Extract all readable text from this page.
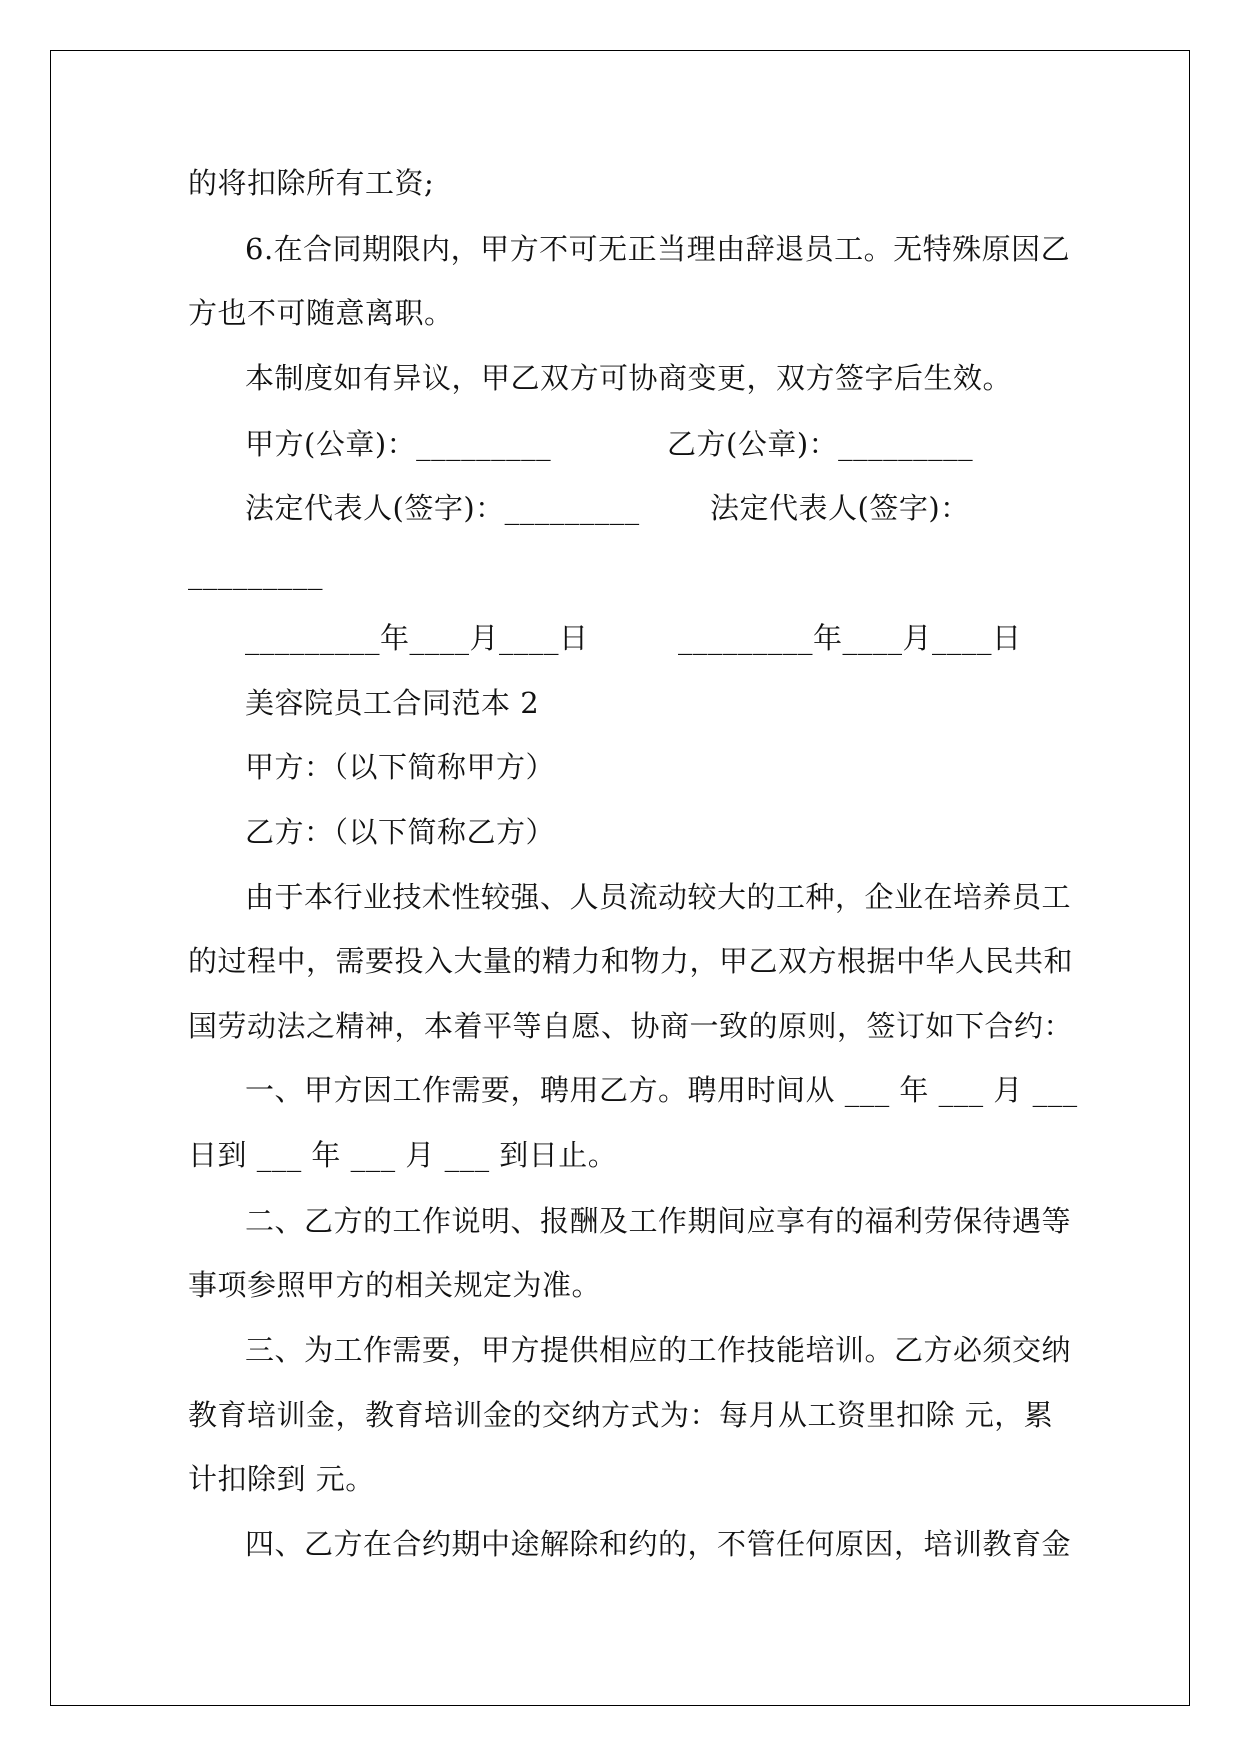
的将扣除所有工资;
6.在合同期限内，甲方不可无正当理由辞退员工。无特殊原因乙
方也不可随意离职。
本制度如有异议，甲乙双方可协商变更，双方签字后生效。
甲方(公章)：_________	乙方(公章)：_________
法定代表人(签字)：_________ 法定代表人(签字)：
_________
_________年____月____日	_________年____月____日
美容院员工合同范本 2
甲方：（以下简称甲方）
乙方：（以下简称乙方）
由于本行业技术性较强、人员流动较大的工种，企业在培养员工
的过程中，需要投入大量的精力和物力，甲乙双方根据中华人民共和
国劳动法之精神，本着平等自愿、协商一致的原则，签订如下合约：
一、甲方因工作需要，聘用乙方。聘用时间从 ___ 年 ___ 月 ___
日到 ___ 年 ___ 月 ___ 到日止。
二、乙方的工作说明、报酬及工作期间应享有的福利劳保待遇等
事项参照甲方的相关规定为准。
三、为工作需要，甲方提供相应的工作技能培训。乙方必须交纳
教育培训金，教育培训金的交纳方式为：每月从工资里扣除 元，累
计扣除到 元。
四、乙方在合约期中途解除和约的，不管任何原因，培训教育金
